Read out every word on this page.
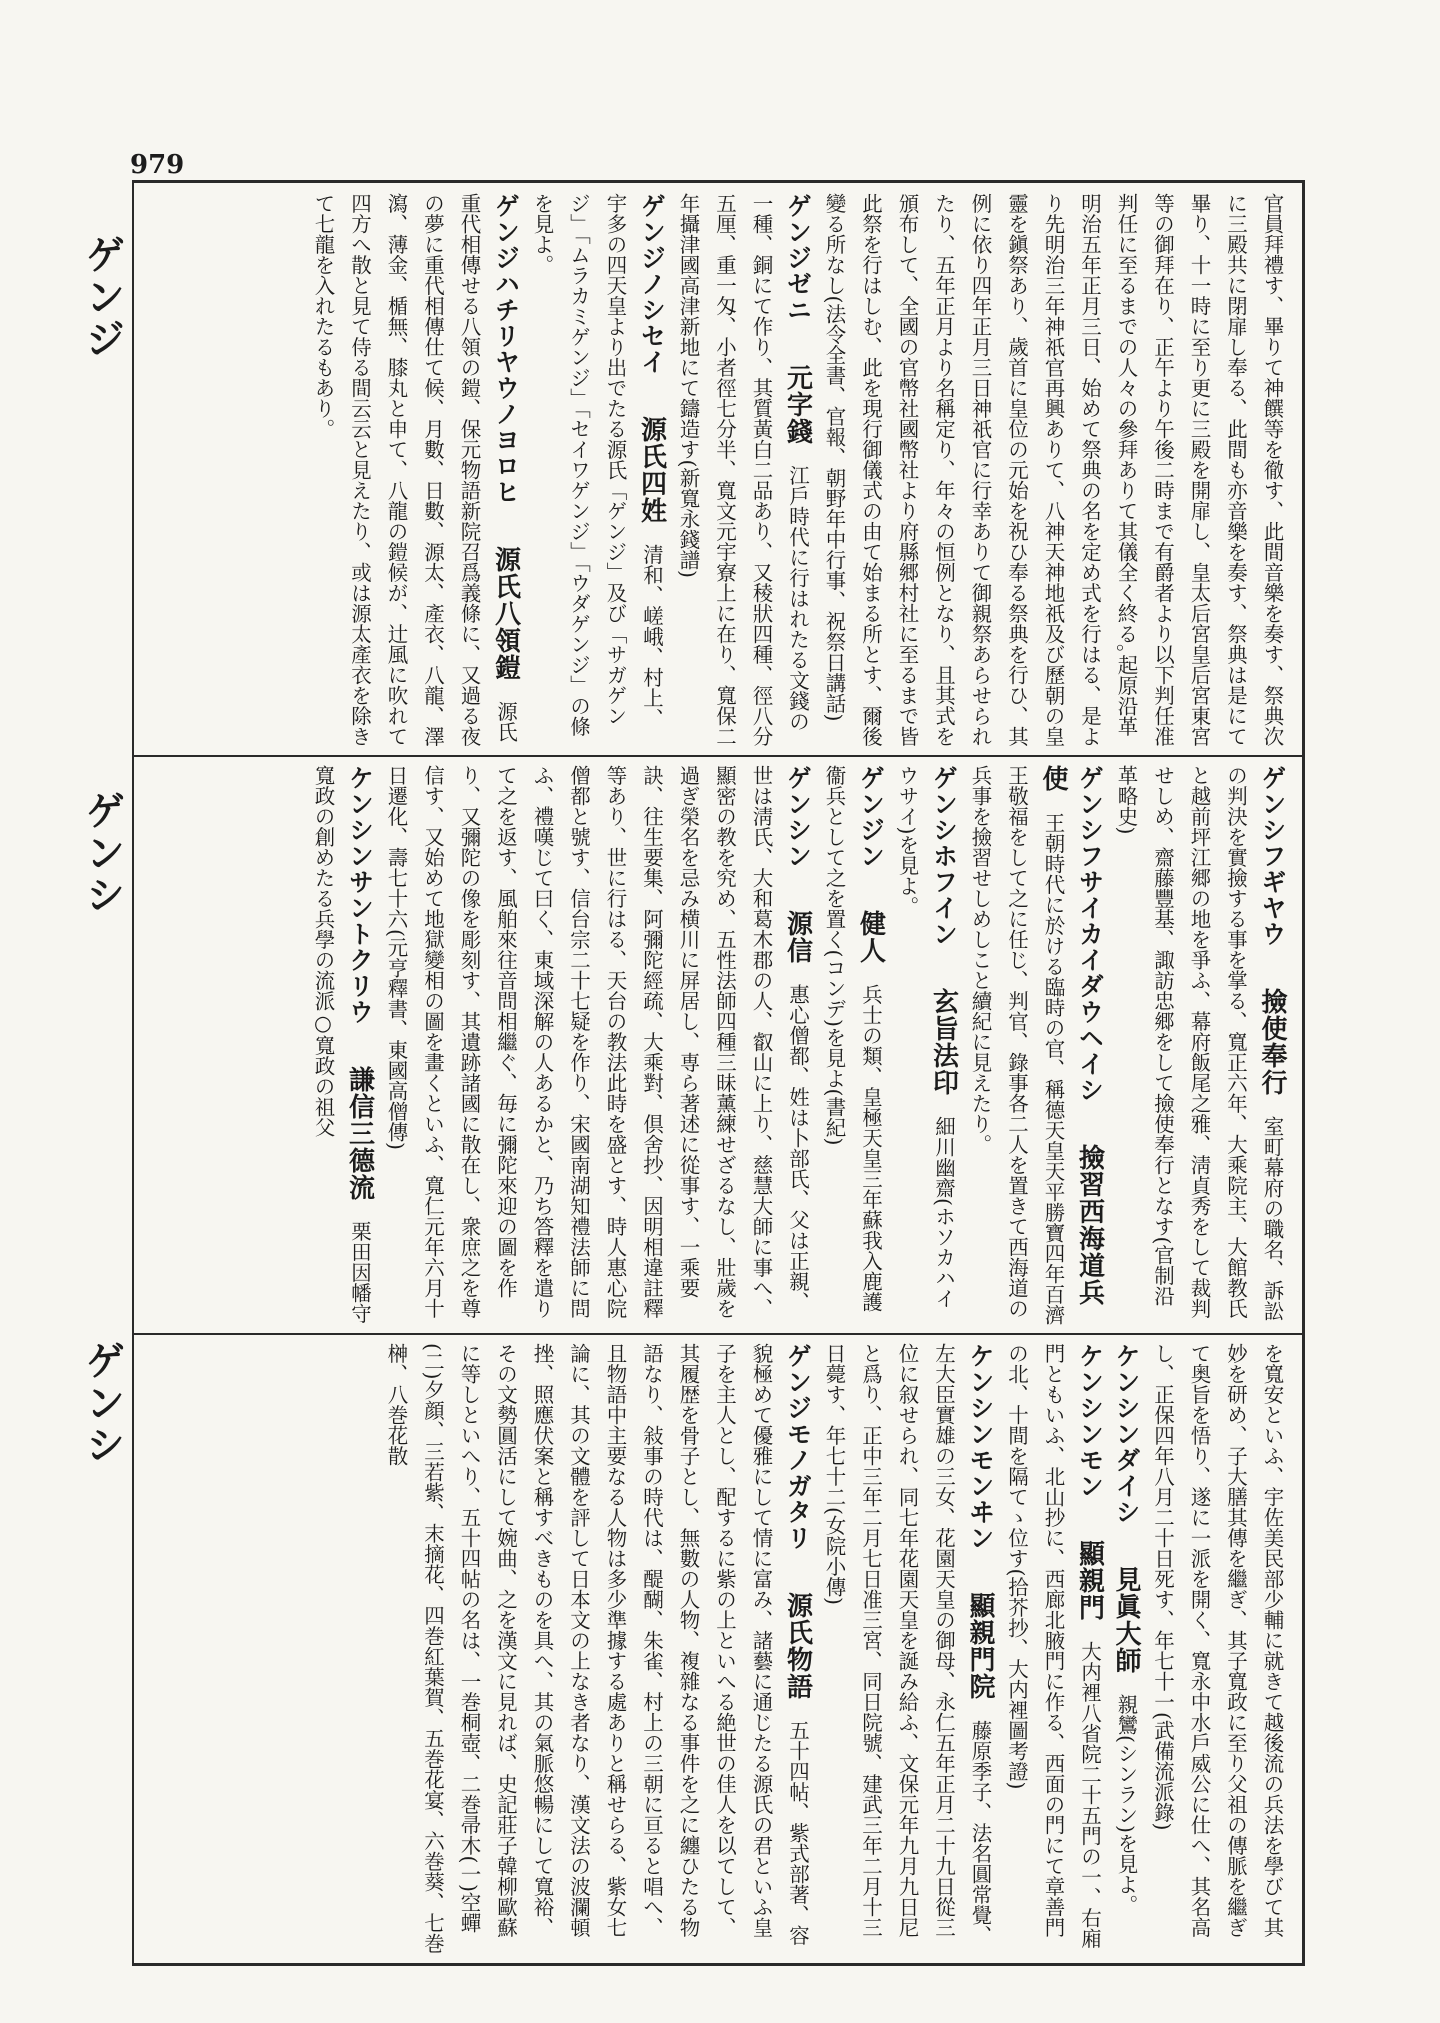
979
官員拜禮す、畢りて神饌等を徹す、此間音樂を奏す、祭典次に三殿共に閉扉し奉る、此間も亦音樂を奏す、祭典は是にて畢り、十一時に至り更に三殿を開扉し、皇太后宮皇后宮東宮等の御拜在り、正午より午後二時まで有爵者より以下判任准判任に至るまでの人々の參拜ありて其儀全く終る｡起原沿革明治五年正月三日、始めて祭典の名を定め式を行はる、是より先明治三年神祇官再興ありて、八神天神地祇及び歷朝の皇靈を鎭祭あり、歲首に皇位の元始を祝ひ奉る祭典を行ひ、其例に依り四年正月三日神祇官に行幸ありて御親祭あらせられたり、五年正月より名稱定り、年々の恒例となり、且其式を頒布して、全國の官幣社國幣社より府縣郷村社に至るまで皆此祭を行はしむ、此を現行御儀式の由て始まる所とす、爾後變る所なし(法令全書、官報、朝野年中行事、祝祭日講話)
ゲンジゼニ　元字錢　江戶時代に行はれたる文錢の一種、銅にて作り、其質黃白二品あり、又稜狀四種、徑八分五厘、重一匁、小者徑七分半、寬文元宇寮上に在り、寬保二年攝津國高津新地にて鑄造す(新寬永錢譜)
ゲンジノシセイ　源氏四姓　清和、嵯峨、村上、宇多の四天皇より出でたる源氏「ゲンジ」及び「サガゲンジ」「ムラカミゲンジ」「セイワゲンジ」「ウダゲンジ」の條を見よ。
ゲンジハチリヤウノヨロヒ　源氏八領鎧　源氏重代相傳せる八領の鎧、保元物語新院召爲義條に、又過る夜の夢に重代相傳仕て候、月數、日數、源太、產衣、八龍、澤瀉、薄金、楯無、膝丸と申て、八龍の鎧候が、辻風に吹れて四方へ散と見て侍る間云云と見えたり、或は源太產衣を除きて七龍を入れたるもあり。
ゲンシフギヤウ　撿使奉行　室町幕府の職名、訴訟の判決を實撿する事を掌る、寬正六年、大乘院主、大館教氏と越前坪江郷の地を爭ふ、幕府飯尾之雅、淸貞秀をして裁判せしめ、齋藤豐基、諏訪忠郷をして撿使奉行となす(官制沿革略史)
ゲンシフサイカイダウヘイシ　撿習西海道兵使　王朝時代に於ける臨時の官、稱德天皇天平勝寶四年百濟王敬福をして之に任じ、判官、錄事各二人を置きて西海道の兵事を撿習せしめしこと續紀に見えたり。
ゲンシホフイン　玄旨法印　細川幽齋(ホソカハイウサイ)を見よ。
ゲンジン　健人　兵士の類、皇極天皇三年蘇我入鹿護衞兵として之を置く(コンデ)を見よ(書紀)
ゲンシン　源信　惠心僧都、姓は卜部氏、父は正親、世は淸氏、大和葛木郡の人、叡山に上り、慈慧大師に事へ、顯密の教を究め、五性法師四種三昧薰練せざるなし、壯歲を過ぎ榮名を忌み横川に屏居し、専ら著述に從事す、一乘要訣、往生要集、阿彌陀經疏、大乘對、倶舍抄、因明相違註釋等あり、世に行はる、天台の教法此時を盛とす、時人惠心院僧都と號す、信台宗二十七疑を作り、宋國南湖知禮法師に問ふ、禮嘆じて曰く、東域深解の人あるかと、乃ち答釋を遣りて之を返す、風舶來往音問相繼ぐ、毎に彌陀來迎の圖を作り、又彌陀の像を彫刻す、其遺跡諸國に散在し、衆庶之を尊信す、又始めて地獄變相の圖を畫くといふ、寬仁元年六月十日遷化、壽七十六(元亨釋書、東國高僧傳)
ケンシンサントクリウ　謙信三德流　栗田因幡守寬政の創めたる兵學の流派○寬政の祖父
を寬安といふ、宇佐美民部少輔に就きて越後流の兵法を學びて其妙を研め、子大膳其傳を繼ぎ、其子寬政に至り父祖の傳脈を繼ぎて奥旨を悟り、遂に一派を開く、寬永中水戶威公に仕へ、其名高し、正保四年八月二十日死す、年七十一(武備流派錄)
ケンシンダイシ　見眞大師　親鸞(シンラン)を見よ。
ケンシンモン　顯親門　大内裡八省院二十五門の一、右廂門ともいふ、北山抄に、西廊北腋門に作る、西面の門にて章善門の北、十間を隔てゝ位す(拾芥抄、大内裡圖考證)
ケンシンモンヰン　顯親門院　藤原季子、法名圓常覺、左大臣實雄の三女、花園天皇の御母、永仁五年正月二十九日從三位に叙せられ、同七年花園天皇を誕み給ふ、文保元年九月九日尼と爲り、正中三年二月七日准三宮、同日院號、建武三年二月十三日薨す、年七十二(女院小傳)
ゲンジモノガタリ　源氏物語　五十四帖、紫式部著、容貌極めて優雅にして情に富み、諸藝に通じたる源氏の君といふ皇子を主人とし、配するに紫の上といへる絶世の佳人を以てして、其履歴を骨子とし、無數の人物、複雜なる事件を之に纏ひたる物語なり、敍事の時代は、醍醐、朱雀、村上の三朝に亘ると唱へ、且物語中主要なる人物は多少準據する處ありと稱せらる、紫女七論に、其の文體を評して日本文の上なき者なり、漢文法の波瀾頓挫、照應伏案と稱すべきものを具へ、其の氣脈悠暢にして寬裕、その文勢圓活にして婉曲、之を漢文に見れば、史記莊子韓柳歐蘇に等しといへり、五十四帖の名は、一巻桐壺、二巻帚木(一)空蟬(二)夕顔、三若紫、末摘花、四巻紅葉賀、五巻花宴、六巻葵、七巻榊、八巻花散
ゲンジ
ゲンシ
ゲンシ
